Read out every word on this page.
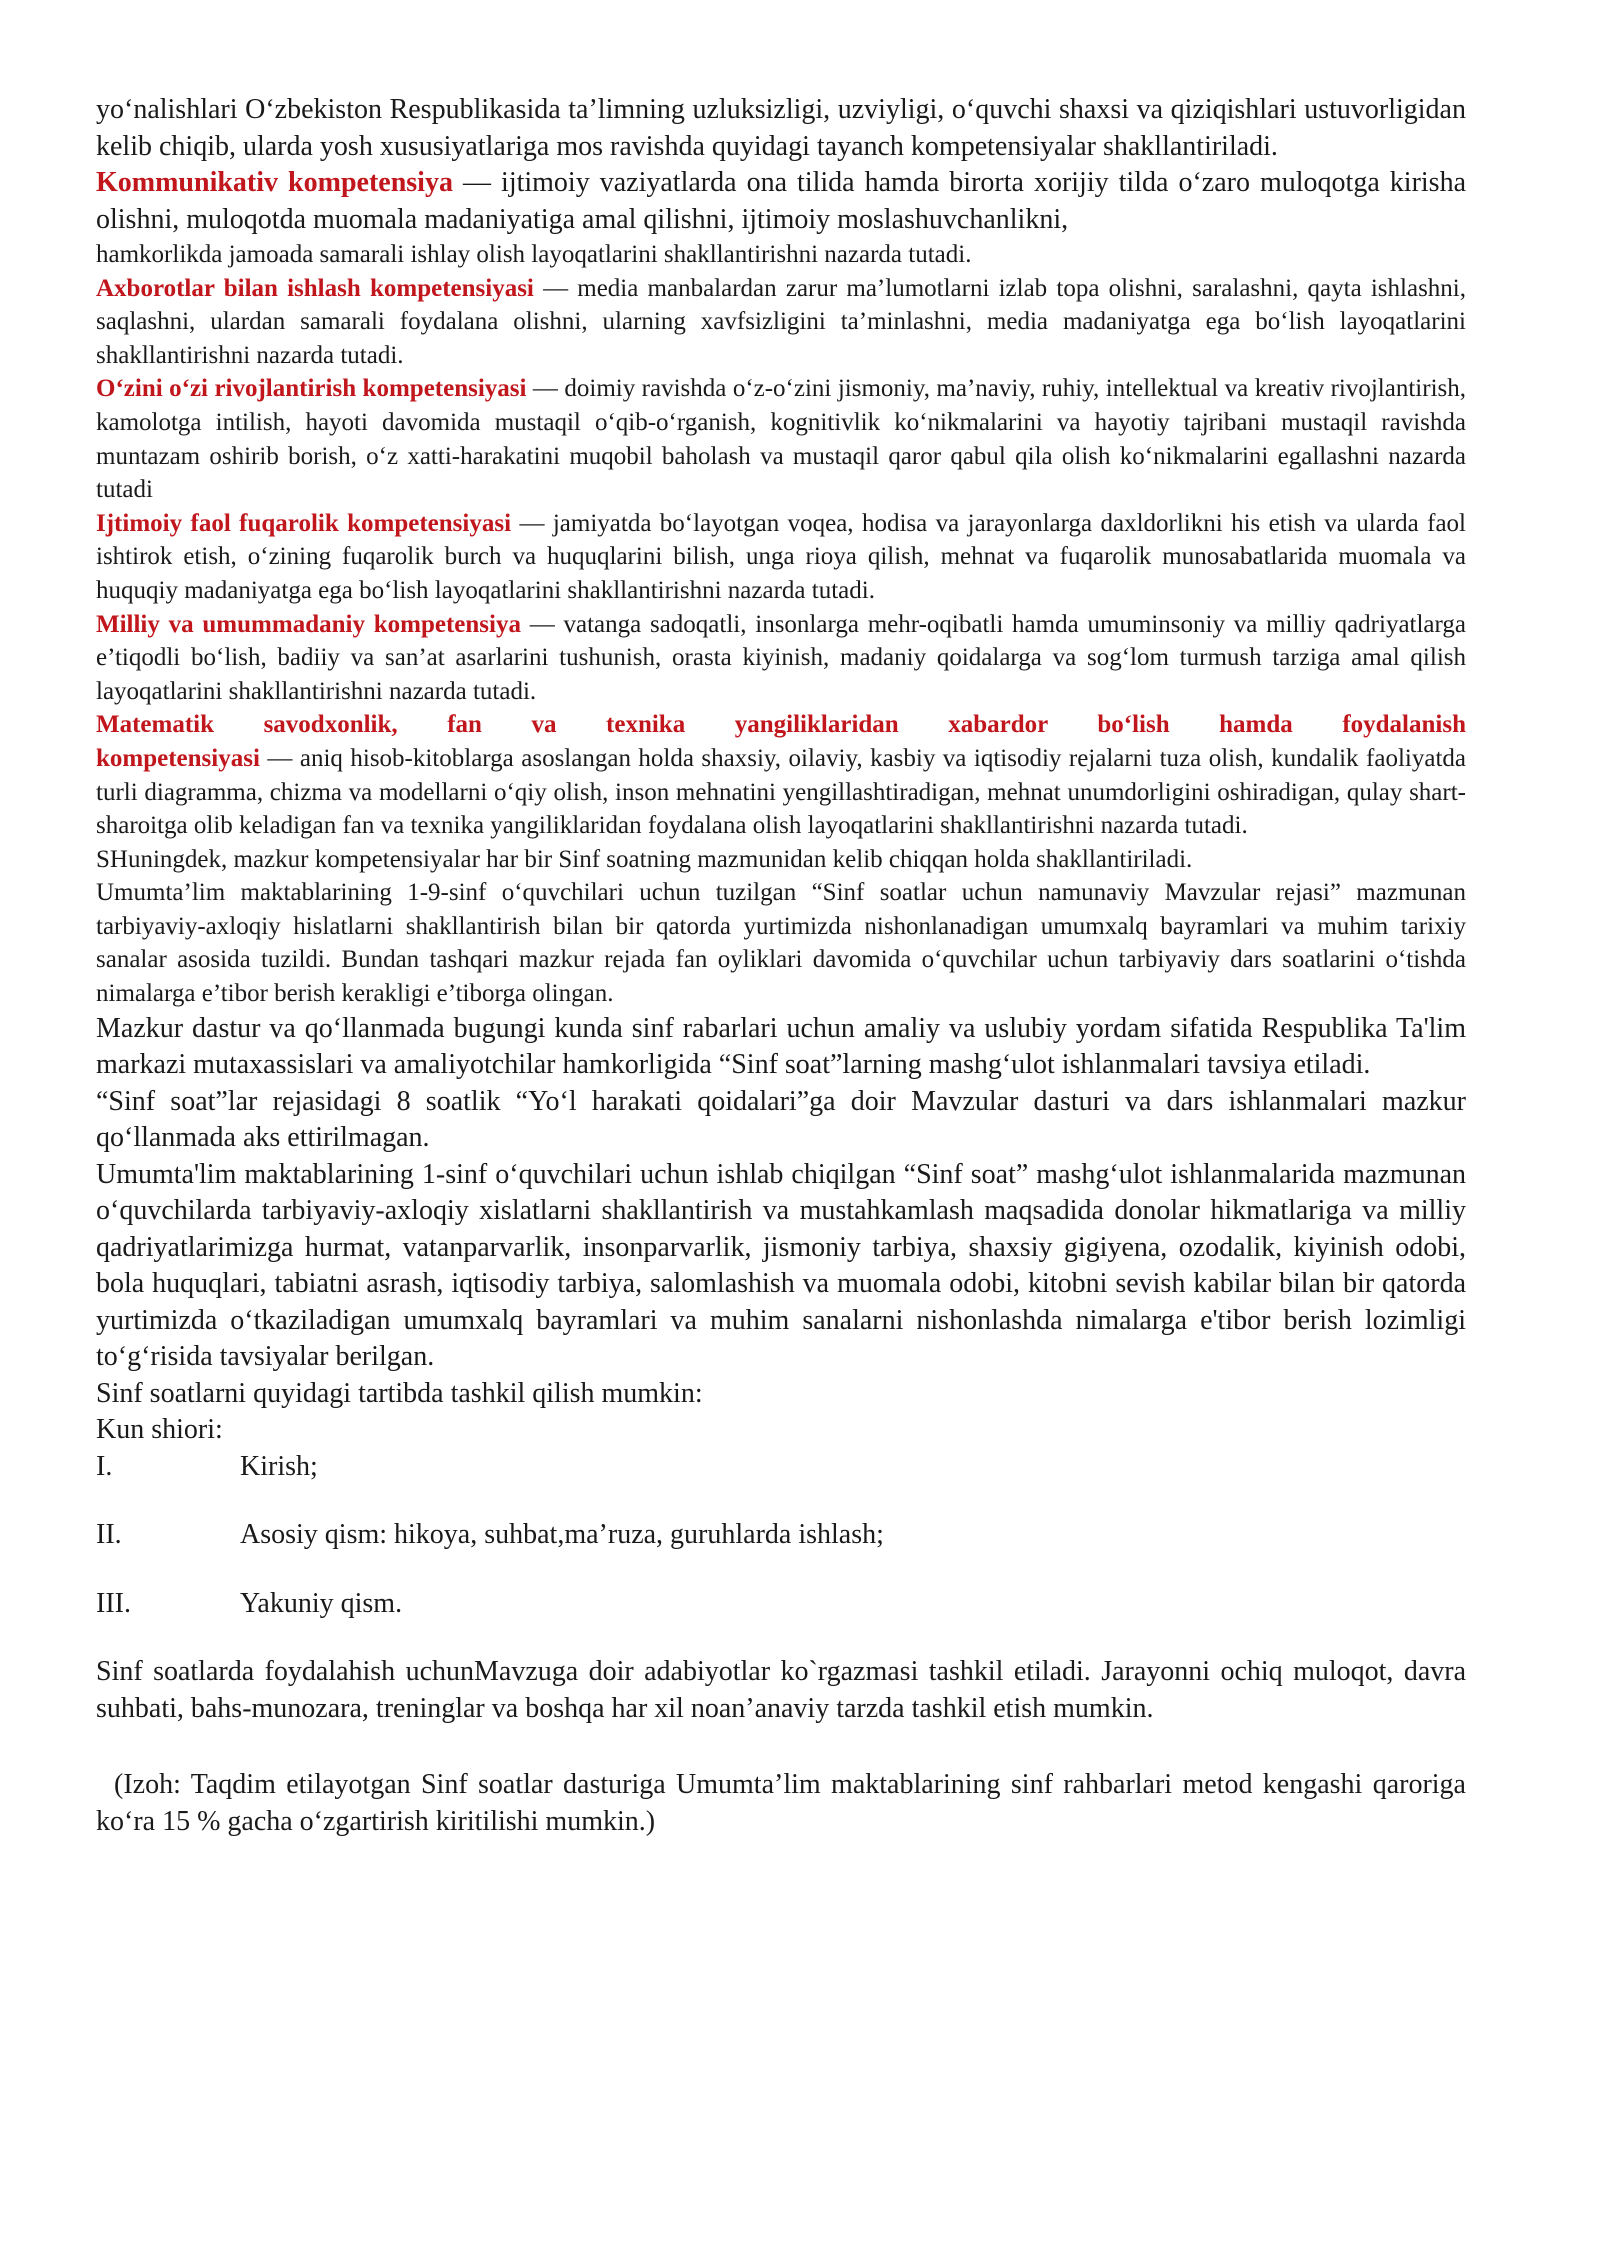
yo‘nalishlari O‘zbekiston Respublikasida ta’limning uzluksizligi, uzviyligi, o‘quvchi shaxsi va qiziqishlari ustuvorligidan kelib chiqib, ularda yosh xususiyatlariga mos ravishda quyidagi tayanch kompetensiyalar shakllantiriladi.

Kommunikativ kompetensiya — ijtimoiy vaziyatlarda ona tilida hamda birorta xorijiy tilda o‘zaro muloqotga kirisha olishni, muloqotda muomala madaniyatiga amal qilishni, ijtimoiy moslashuvchanlikni,

hamkorlikda jamoada samarali ishlay olish layoqatlarini shakllantirishni nazarda tutadi.

Axborotlar bilan ishlash kompetensiyasi — media manbalardan zarur ma’lumotlarni izlab topa olishni, saralashni, qayta ishlashni, saqlashni, ulardan samarali foydalana olishni, ularning xavfsizligini ta’minlashni, media madaniyatga ega bo‘lish layoqatlarini shakllantirishni nazarda tutadi.

O‘zini o‘zi rivojlantirish kompetensiyasi — doimiy ravishda o‘z-o‘zini jismoniy, ma’naviy, ruhiy, intellektual va kreativ rivojlantirish, kamolotga intilish, hayoti davomida mustaqil o‘qib-o‘rganish, kognitivlik ko‘nikmalarini va hayotiy tajribani mustaqil ravishda muntazam oshirib borish, o‘z xatti-harakatini muqobil baholash va mustaqil qaror qabul qila olish ko‘nikmalarini egallashni nazarda tutadi

Ijtimoiy faol fuqarolik kompetensiyasi — jamiyatda bo‘layotgan voqea, hodisa va jarayonlarga daxldorlikni his etish va ularda faol ishtirok etish, o‘zining fuqarolik burch va huquqlarini bilish, unga rioya qilish, mehnat va fuqarolik munosabatlarida muomala va huquqiy madaniyatga ega bo‘lish layoqatlarini shakllantirishni nazarda tutadi.

Milliy va umummadaniy kompetensiya — vatanga sadoqatli, insonlarga mehr-oqibatli hamda umuminsoniy va milliy qadriyatlarga e’tiqodli bo‘lish, badiiy va san’at asarlarini tushunish, orasta kiyinish, madaniy qoidalarga va sog‘lom turmush tarziga amal qilish layoqatlarini shakllantirishni nazarda tutadi.

Matematik savodxonlik, fan va texnika yangiliklaridan xabardor bo‘lish hamda foydalanish

kompetensiyasi — aniq hisob-kitoblarga asoslangan holda shaxsiy, oilaviy, kasbiy va iqtisodiy rejalarni tuza olish, kundalik faoliyatda turli diagramma, chizma va modellarni o‘qiy olish, inson mehnatini yengillashtiradigan, mehnat unumdorligini oshiradigan, qulay shart-sharoitga olib keladigan fan va texnika yangiliklaridan foydalana olish layoqatlarini shakllantirishni nazarda tutadi.

SHuningdek, mazkur kompetensiyalar har bir Sinf soatning mazmunidan kelib chiqqan holda shakllantiriladi.

Umumta’lim maktablarining 1-9-sinf o‘quvchilari uchun tuzilgan “Sinf soatlar uchun namunaviy Mavzular rejasi” mazmunan tarbiyaviy-axloqiy hislatlarni shakllantirish bilan bir qatorda yurtimizda nishonlanadigan umumxalq bayramlari va muhim tarixiy sanalar asosida tuzildi. Bundan tashqari mazkur rejada fan oyliklari davomida o‘quvchilar uchun tarbiyaviy dars soatlarini o‘tishda nimalarga e’tibor berish kerakligi e’tiborga olingan.

Mazkur dastur va qo‘llanmada bugungi kunda sinf rabarlari uchun amaliy va uslubiy yordam sifatida Respublika Ta'lim markazi mutaxassislari va amaliyotchilar hamkorligida “Sinf soat”larning mashg‘ulot ishlanmalari tavsiya etiladi.

“Sinf soat”lar rejasidagi 8 soatlik “Yo‘l harakati qoidalari”ga doir Mavzular dasturi va dars ishlanmalari mazkur qo‘llanmada aks ettirilmagan.

Umumta'lim maktablarining 1-sinf o‘quvchilari uchun ishlab chiqilgan “Sinf soat” mashg‘ulot ishlanmalarida mazmunan o‘quvchilarda tarbiyaviy-axloqiy xislatlarni shakllantirish va mustahkamlash maqsadida donolar hikmatlariga va milliy qadriyatlarimizga hurmat, vatanparvarlik, insonparvarlik, jismoniy tarbiya, shaxsiy gigiyena, ozodalik, kiyinish odobi, bola huquqlari, tabiatni asrash, iqtisodiy tarbiya, salomlashish va muomala odobi, kitobni sevish kabilar bilan bir qatorda yurtimizda o‘tkaziladigan umumxalq bayramlari va muhim sanalarni nishonlashda nimalarga e'tibor berish lozimligi to‘g‘risida tavsiyalar berilgan.

Sinf soatlarni quyidagi tartibda tashkil qilish mumkin:

Kun shiori:

I.	Kirish;
II.	Asosiy qism: hikoya, suhbat,ma’ruza, guruhlarda ishlash;
III.	Yakuniy qism.

Sinf soatlarda foydalahish uchunMavzuga doir adabiyotlar ko`rgazmasi tashkil etiladi. Jarayonni ochiq muloqot, davra suhbati, bahs-munozara, treninglar va boshqa har xil noan’anaviy tarzda tashkil etish mumkin.

(Izoh: Taqdim etilayotgan Sinf soatlar dasturiga Umumta’lim maktablarining sinf rahbarlari metod kengashi qaroriga ko‘ra 15 % gacha o‘zgartirish kiritilishi mumkin.)
